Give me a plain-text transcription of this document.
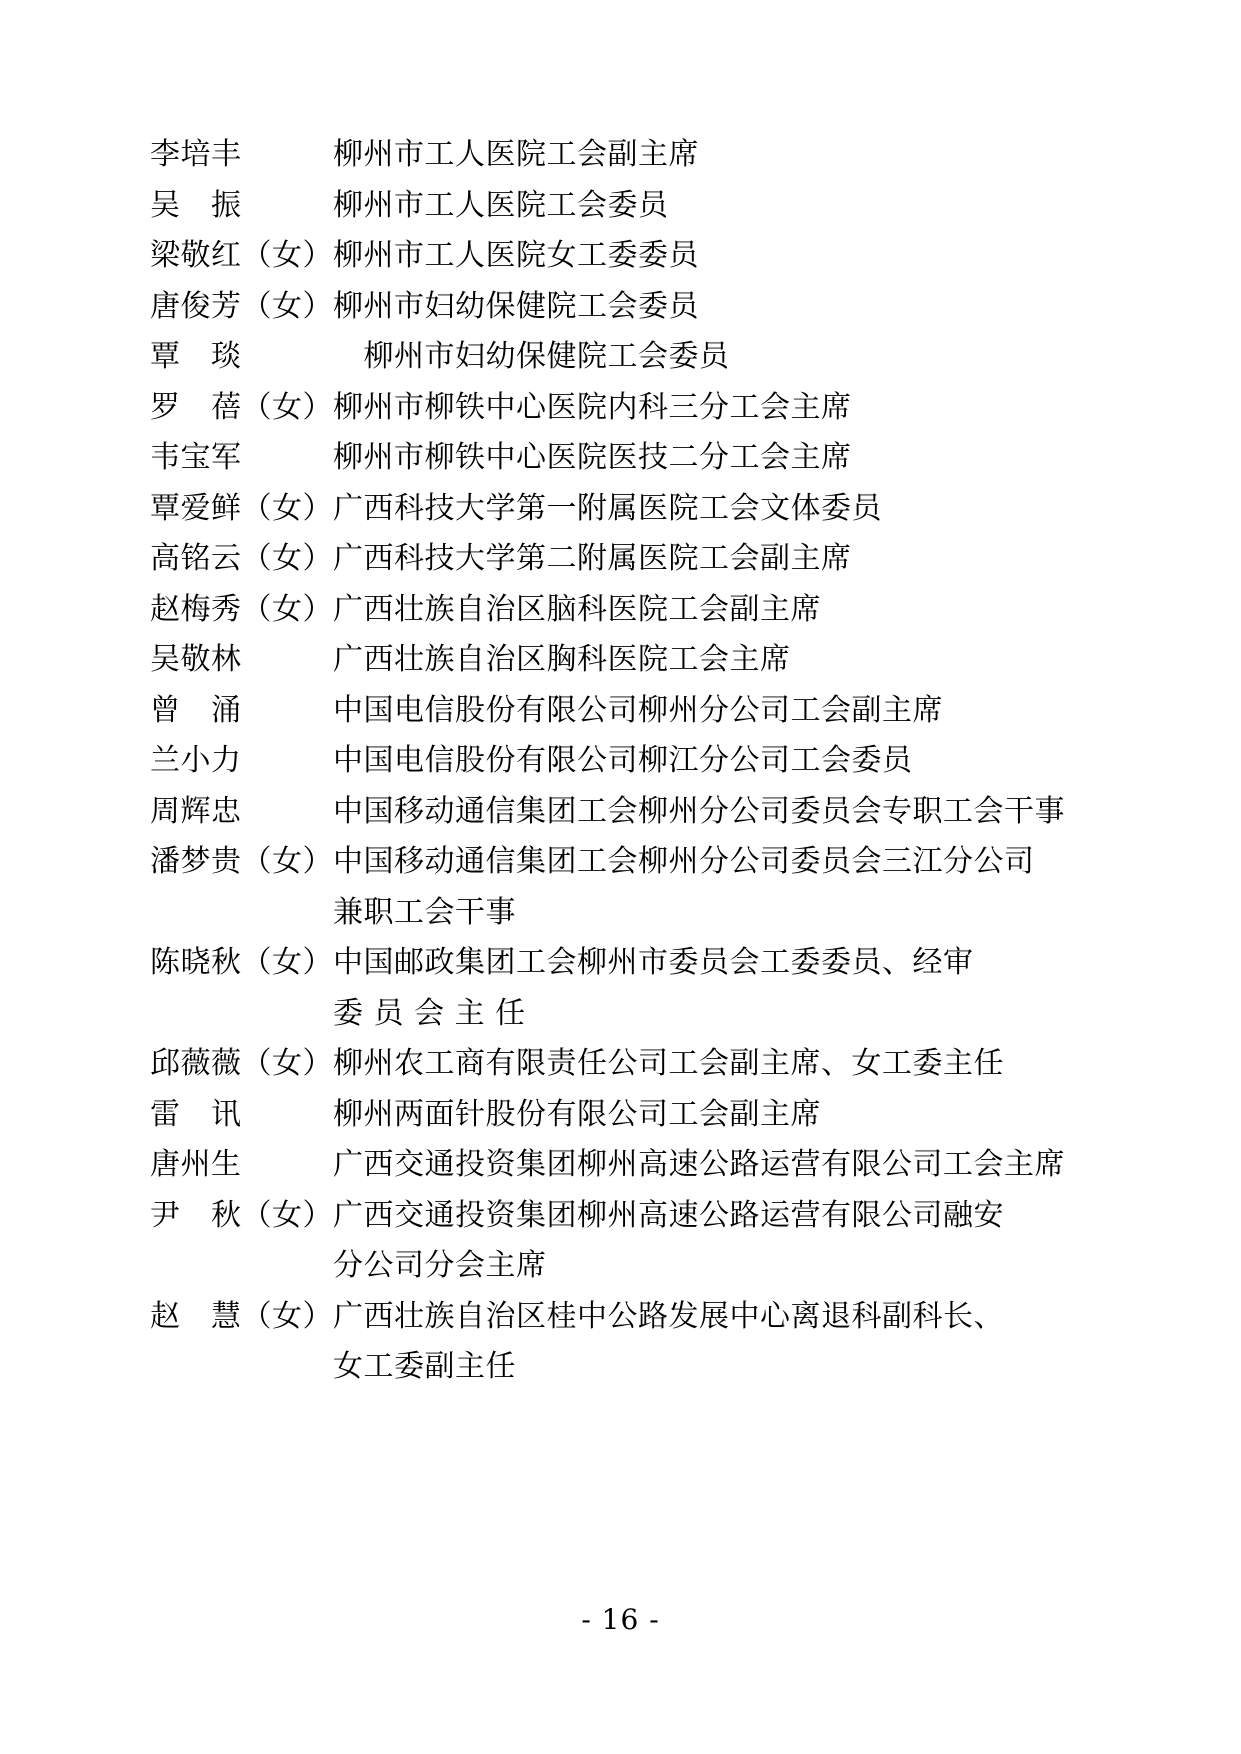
李培丰	柳州市工人医院工会副主席
吴　振	柳州市工人医院工会委员
梁敬红（女） 柳州市工人医院女工委委员
唐俊芳（女） 柳州市妇幼保健院工会委员
覃　琰	　柳州市妇幼保健院工会委员
罗　蓓（女） 柳州市柳铁中心医院内科三分工会主席
韦宝军	柳州市柳铁中心医院医技二分工会主席
覃爱鲜（女） 广西科技大学第一附属医院工会文体委员
高铭云（女） 广西科技大学第二附属医院工会副主席
赵梅秀（女） 广西壮族自治区脑科医院工会副主席
吴敬林	广西壮族自治区胸科医院工会主席
曾　涌	中国电信股份有限公司柳州分公司工会副主席
兰小力	中国电信股份有限公司柳江分公司工会委员
周辉忠	中国移动通信集团工会柳州分公司委员会专职工会干事
潘梦贵（女） 中国移动通信集团工会柳州分公司委员会三江分公司
兼职工会干事
陈晓秋（女） 中国邮政集团工会柳州市委员会工委委员、经审
委 员 会 主 任
邱薇薇（女） 柳州农工商有限责任公司工会副主席、女工委主任
雷　讯	柳州两面针股份有限公司工会副主席
唐州生	广西交通投资集团柳州高速公路运营有限公司工会主席
尹　秋（女） 广西交通投资集团柳州高速公路运营有限公司融安
分公司分会主席
赵　慧（女） 广西壮族自治区桂中公路发展中心离退科副科长、
女工委副主任
- 16 -
